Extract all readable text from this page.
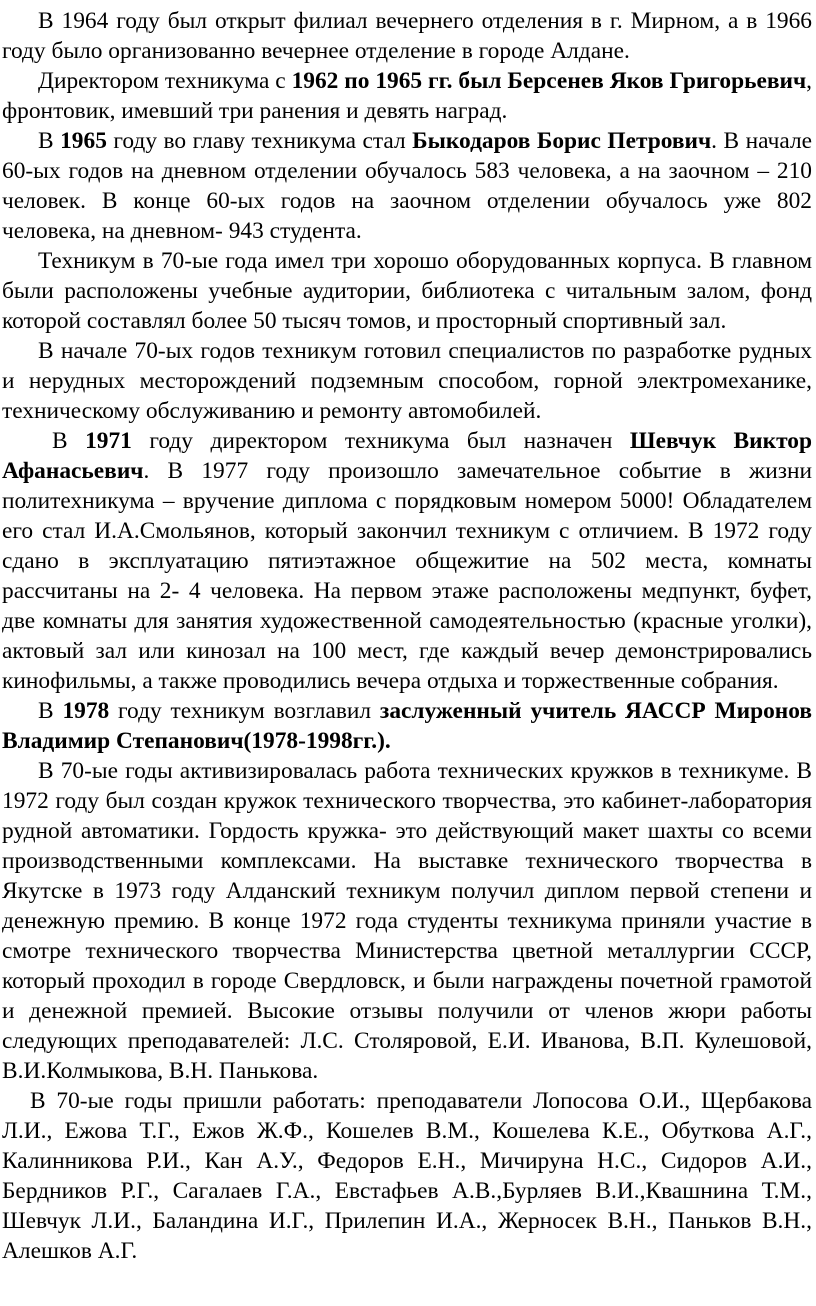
В 1964 году был открыт филиал вечернего отделения в г. Мирном, а в 1966 году было организованно вечернее отделение в городе Алдане.

Директором техникума с 1962 по 1965 гг. был Берсенев Яков Григорьевич, фронтовик, имевший три ранения и девять наград.

В 1965 году во главу техникума стал Быкодаров Борис Петрович. В начале 60-ых годов на дневном отделении обучалось 583 человека, а на заочном – 210 человек. В конце 60-ых годов на заочном отделении обучалось уже 802 человека, на дневном- 943 студента.

Техникум в 70-ые года имел три хорошо оборудованных корпуса. В главном были расположены учебные аудитории, библиотека с читальным залом, фонд которой составлял более 50 тысяч томов, и просторный спортивный зал.

В начале 70-ых годов техникум готовил специалистов по разработке рудных и нерудных месторождений подземным способом, горной электромеханике, техническому обслуживанию и ремонту автомобилей.

В 1971 году директором техникума был назначен Шевчук Виктор Афанасьевич. В 1977 году произошло замечательное событие в жизни политехникума – вручение диплома с порядковым номером 5000! Обладателем его стал И.А.Смольянов, который закончил техникум с отличием. В 1972 году сдано в эксплуатацию пятиэтажное общежитие на 502 места, комнаты рассчитаны на 2- 4 человека. На первом этаже расположены медпункт, буфет, две комнаты для занятия художественной самодеятельностью (красные уголки), актовый зал или кинозал на 100 мест, где каждый вечер демонстрировались кинофильмы, а также проводились вечера отдыха и торжественные собрания.

В 1978 году техникум возглавил заслуженный учитель ЯАССР Миронов Владимир Степанович(1978-1998гг.).

В 70-ые годы активизировалась работа технических кружков в техникуме. В 1972 году был создан кружок технического творчества, это кабинет-лаборатория рудной автоматики. Гордость кружка- это действующий макет шахты со всеми производственными комплексами. На выставке технического творчества в Якутске в 1973 году Алданский техникум получил диплом первой степени и денежную премию. В конце 1972 года студенты техникума приняли участие в смотре технического творчества Министерства цветной металлургии СССР, который проходил в городе Свердловск, и были награждены почетной грамотой и денежной премией. Высокие отзывы получили от членов жюри работы следующих преподавателей: Л.С. Столяровой, Е.И. Иванова, В.П. Кулешовой, В.И.Колмыкова, В.Н. Панькова.

В 70-ые годы пришли работать: преподаватели Лопосова О.И., Щербакова Л.И., Ежова Т.Г., Ежов Ж.Ф., Кошелев В.М., Кошелева К.Е., Обуткова А.Г., Калинникова Р.И., Кан А.У., Федоров Е.Н., Мичируна Н.С., Сидоров А.И., Бердников Р.Г., Сагалаев Г.А., Евстафьев А.В.,Бурляев В.И.,Квашнина Т.М., Шевчук Л.И., Баландина И.Г., Прилепин И.А., Жерносек В.Н., Паньков В.Н., Алешков А.Г.
